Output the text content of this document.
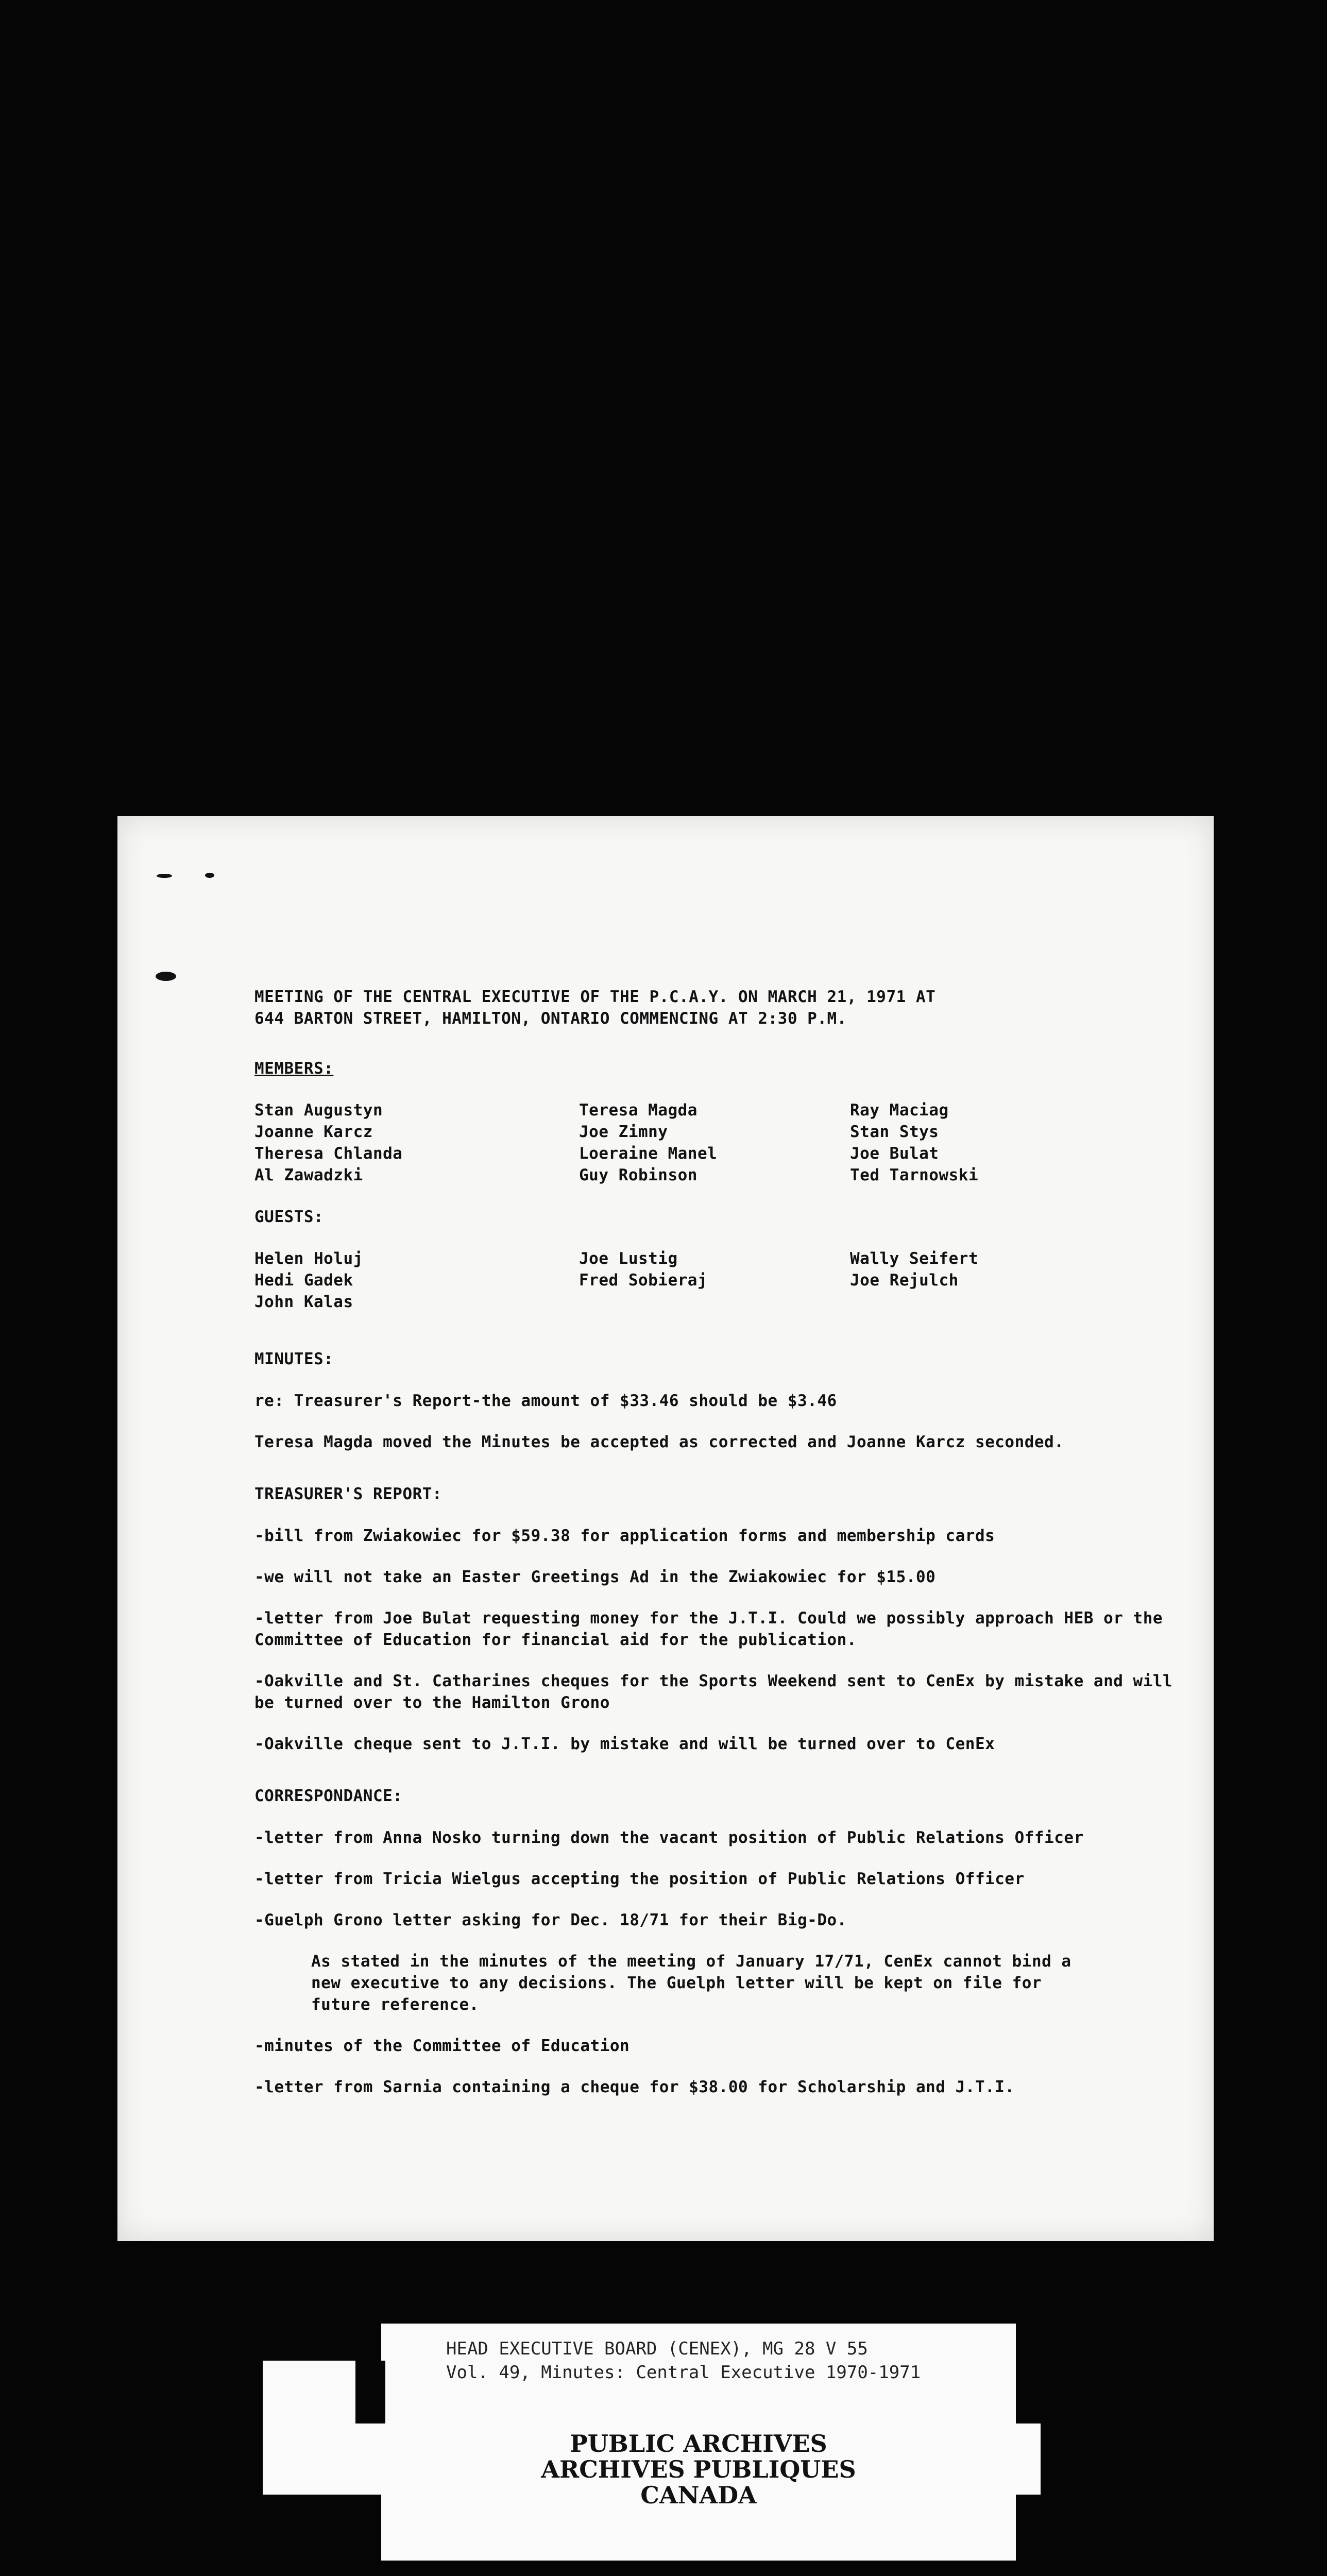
MEETING OF THE CENTRAL EXECUTIVE OF THE P.C.A.Y. ON MARCH 21, 1971 AT
644 BARTON STREET, HAMILTON, ONTARIO COMMENCING AT 2:30 P.M.
MEMBERS:
Stan Augustyn
Joanne Karcz
Theresa Chlanda
Al Zawadzki
Teresa Magda
Joe Zimny
Loeraine Manel
Guy Robinson
Ray Maciag
Stan Stys
Joe Bulat
Ted Tarnowski
GUESTS:
Helen Holuj
Hedi Gadek
John Kalas
Joe Lustig
Fred Sobieraj
Wally Seifert
Joe Rejulch
MINUTES:
re: Treasurer's Report-the amount of $33.46 should be $3.46
Teresa Magda moved the Minutes be accepted as corrected and Joanne Karcz seconded.
TREASURER'S REPORT:
-bill from Zwiakowiec for $59.38 for application forms and membership cards
-we will not take an Easter Greetings Ad in the Zwiakowiec for $15.00
-letter from Joe Bulat requesting money for the J.T.I. Could we possibly approach HEB or the Committee of Education for financial aid for the publication.
-Oakville and St. Catharines cheques for the Sports Weekend sent to CenEx by mistake and will be turned over to the Hamilton Grono
-Oakville cheque sent to J.T.I. by mistake and will be turned over to CenEx
CORRESPONDANCE:
-letter from Anna Nosko turning down the vacant position of Public Relations Officer
-letter from Tricia Wielgus accepting the position of Public Relations Officer
-Guelph Grono letter asking for Dec. 18/71 for their Big-Do.
As stated in the minutes of the meeting of January 17/71, CenEx cannot bind a new executive to any decisions. The Guelph letter will be kept on file for future reference.
-minutes of the Committee of Education
-letter from Sarnia containing a cheque for $38.00 for Scholarship and J.T.I.
HEAD EXECUTIVE BOARD (CENEX), MG 28 V 55
Vol. 49, Minutes: Central Executive 1970-1971
PUBLIC ARCHIVES
ARCHIVES PUBLIQUES
CANADA
